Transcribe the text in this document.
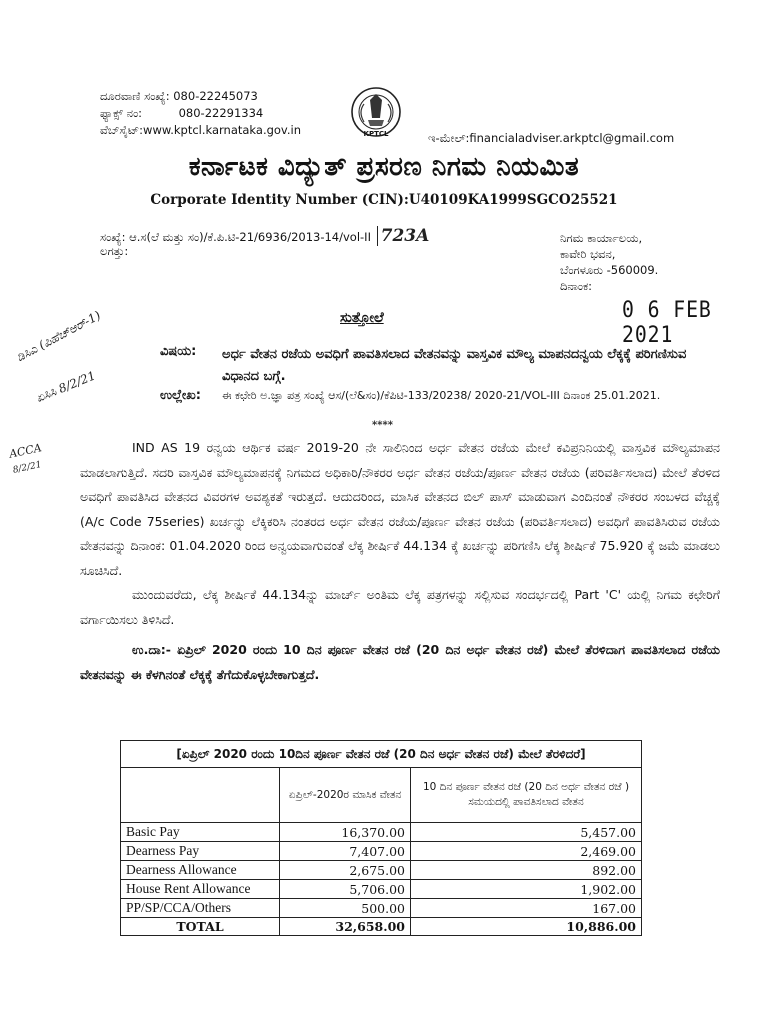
ದೂರವಾಣಿ ಸಂಖ್ಯೆ: 080-22245073
ಫ್ಯಾಕ್ಸ್ ನಂ:          080-22291334
ವೆಬ್‌ಸೈಟ್:www.kptcl.karnataka.gov.in	KPTCL	ಇ-ಮೇಲ್:financialadviser.arkptcl@gmail.com
ಕರ್ನಾಟಕ ವಿದ್ಯುತ್ ಪ್ರಸರಣ ನಿಗಮ ನಿಯಮಿತ
Corporate Identity Number (CIN):U40109KA1999SGCO25521
ಸಂಖ್ಯೆ: ಆ.ಸ(ಲೆ ಮತ್ತು ಸಂ)/ಕೆ.ಪಿ.ಟಿ-21/6936/2013-14/vol-II 723A
ಲಗತ್ತು:
ನಿಗಮ ಕಾರ್ಯಾಲಯ,
ಕಾವೇರಿ ಭವನ,
ಬೆಂಗಳೂರು -560009.
ದಿನಾಂಕ:
0 6 FEB 2021
ಸುತ್ತೋಲೆ
ಡಿಸಿಎ (ಪಿಹೆಚ್‌ಆರ್-1)
ಏಸಿಸಿ 8/2/21
ACCA
8/2/21
ವಿಷಯ: ಅರ್ಧ ವೇತನ ರಜೆಯ ಅವಧಿಗೆ ಪಾವತಿಸಲಾದ ವೇತನವನ್ನು ವಾಸ್ತವಿಕ ಮೌಲ್ಯ ಮಾಪನದನ್ವಯ ಲೆಕ್ಕಕ್ಕೆ ಪರಿಗಣಿಸುವ ವಿಧಾನದ ಬಗ್ಗೆ.
ಉಲ್ಲೇಖ: ಈ ಕಛೇರಿ ಅ.ಜ್ಞಾ ಪತ್ರ ಸಂಖ್ಯೆ ಆಸ/(ಲೆ&ಸಂ)/ಕೆಪಿಟಿ-133/20238/ 2020-21/VOL-III ದಿನಾಂಕ 25.01.2021.
****

IND AS 19 ರನ್ವಯ ಆರ್ಥಿಕ ವರ್ಷ 2019-20 ನೇ ಸಾಲಿನಿಂದ ಅರ್ಧ ವೇತನ ರಜೆಯ ಮೇಲೆ ಕವಿಪ್ರನಿನಿಯಲ್ಲಿ ವಾಸ್ತವಿಕ ಮೌಲ್ಯಮಾಪನ ಮಾಡಲಾಗುತ್ತಿದೆ. ಸದರಿ ವಾಸ್ತವಿಕ ಮೌಲ್ಯಮಾಪನಕ್ಕೆ ನಿಗಮದ ಅಧಿಕಾರಿ/ನೌಕರರ ಅರ್ಧ ವೇತನ ರಜೆಯ/ಪೂರ್ಣ ವೇತನ ರಜೆಯ (ಪರಿವರ್ತಿಸಲಾದ) ಮೇಲೆ ತೆರಳಿದ ಅವಧಿಗೆ ಪಾವತಿಸಿದ ವೇತನದ ವಿವರಗಳ ಅವಶ್ಯಕತೆ ಇರುತ್ತದೆ. ಆದುದರಿಂದ, ಮಾಸಿಕ ವೇತನದ ಬಿಲ್ ಪಾಸ್ ಮಾಡುವಾಗ ಎಂದಿನಂತೆ ನೌಕರರ ಸಂಬಳದ ವೆಚ್ಚಕ್ಕೆ (A/c Code 75series) ಖರ್ಚನ್ನು ಲೆಕ್ಕಿಕರಿಸಿ ನಂತರದ ಅರ್ಧ ವೇತನ ರಜೆಯ/ಪೂರ್ಣ ವೇತನ ರಜೆಯ (ಪರಿವರ್ತಿಸಲಾದ) ಅವಧಿಗೆ ಪಾವತಿಸಿರುವ ರಜೆಯ ವೇತನವನ್ನು ದಿನಾಂಕ: 01.04.2020 ರಿಂದ ಅನ್ವಯವಾಗುವಂತೆ ಲೆಕ್ಕ ಶೀರ್ಷಿಕೆ 44.134 ಕ್ಕೆ ಖರ್ಚನ್ನು ಪರಿಗಣಿಸಿ ಲೆಕ್ಕ ಶೀರ್ಷಿಕೆ 75.920 ಕ್ಕೆ ಜಮೆ ಮಾಡಲು ಸೂಚಿಸಿದೆ.

ಮುಂದುವರೆದು, ಲೆಕ್ಕ ಶೀರ್ಷಿಕೆ 44.134ನ್ನು ಮಾರ್ಚ್ ಅಂತಿಮ ಲೆಕ್ಕ ಪತ್ರಗಳನ್ನು ಸಲ್ಲಿಸುವ ಸಂದರ್ಭದಲ್ಲಿ Part 'C' ಯಲ್ಲಿ ನಿಗಮ ಕಛೇರಿಗೆ ವರ್ಗಾಯಿಸಲು ತಿಳಿಸಿದೆ.

ಉ.ದಾ:- ಏಪ್ರಿಲ್ 2020 ರಂದು 10 ದಿನ ಪೂರ್ಣ ವೇತನ ರಜೆ (20 ದಿನ ಅರ್ಧ ವೇತನ ರಜೆ) ಮೇಲೆ ತೆರಳಿದಾಗ ಪಾವತಿಸಲಾದ ರಜೆಯ ವೇತನವನ್ನು ಈ ಕೆಳಗಿನಂತೆ ಲೆಕ್ಕಕ್ಕೆ ತೆಗೆದುಕೊಳ್ಳಬೇಕಾಗುತ್ತದೆ.

[ಏಪ್ರಿಲ್ 2020 ರಂದು 10ದಿನ ಪೂರ್ಣ ವೇತನ ರಜೆ (20 ದಿನ ಅರ್ಧ ವೇತನ ರಜೆ) ಮೇಲೆ ತೆರಳಿದರೆ]		
	ಏಪ್ರಿಲ್-2020ರ ಮಾಸಿಕ ವೇತನ	10 ದಿನ ಪೂರ್ಣ ವೇತನ ರಜೆ (20 ದಿನ ಅರ್ಧ ವೇತನ ರಜೆ ) ಸಮಯದಲ್ಲಿ ಪಾವತಿಸಲಾದ ವೇತನ
Basic Pay	16,370.00	5,457.00
Dearness Pay	7,407.00	2,469.00
Dearness Allowance	2,675.00	892.00
House Rent Allowance	5,706.00	1,902.00
PP/SP/CCA/Others	500.00	167.00
TOTAL	32,658.00	10,886.00
